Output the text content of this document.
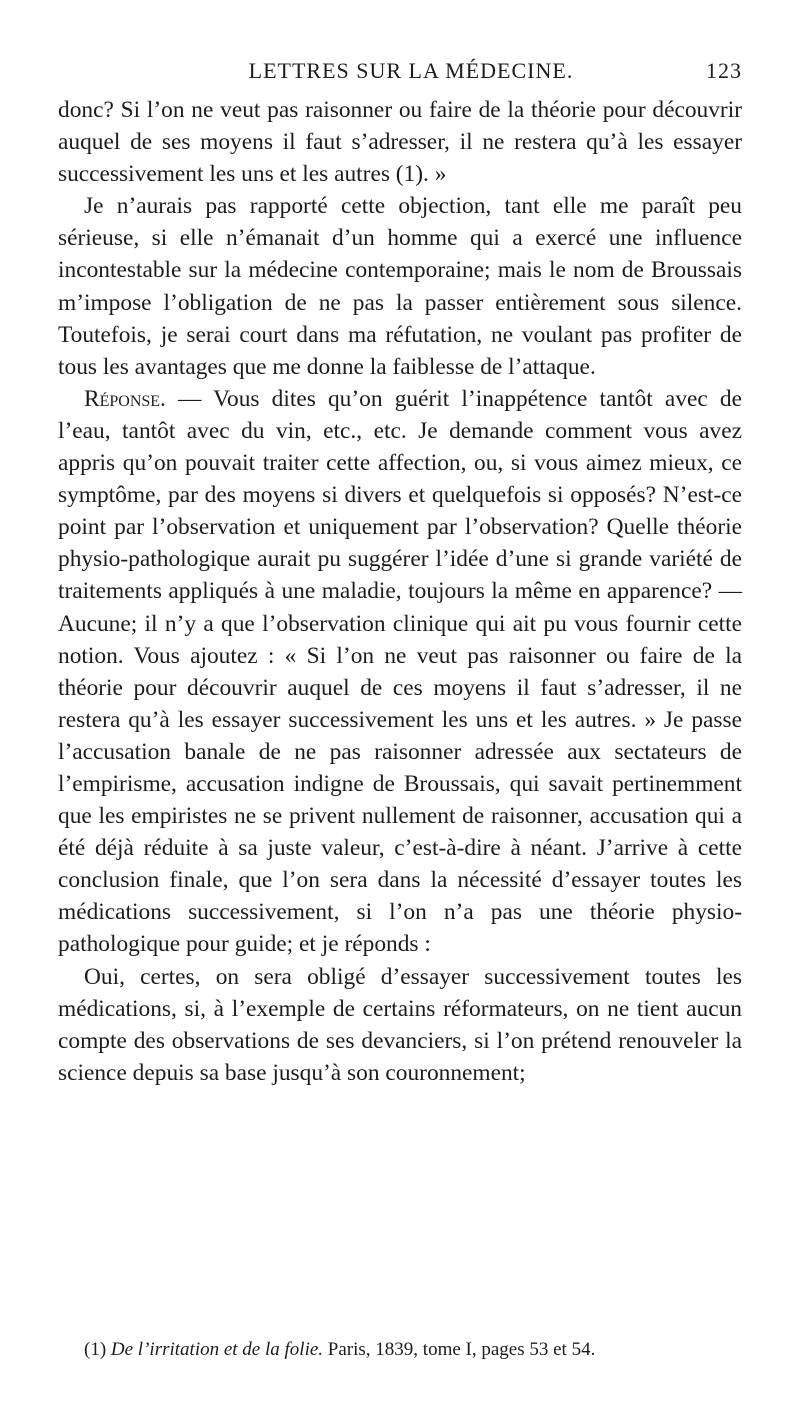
LETTRES SUR LA MÉDECINE.	123

donc? Si l’on ne veut pas raisonner ou faire de la théorie pour découvrir auquel de ses moyens il faut s’adresser, il ne restera qu’à les essayer successivement les uns et les autres (1). »

Je n’aurais pas rapporté cette objection, tant elle me paraît peu sérieuse, si elle n’émanait d’un homme qui a exercé une influence incontestable sur la médecine contemporaine; mais le nom de Broussais m’impose l’obligation de ne pas la passer entièrement sous silence. Toutefois, je serai court dans ma réfutation, ne voulant pas profiter de tous les avantages que me donne la faiblesse de l’attaque.

Réponse. — Vous dites qu’on guérit l’inappétence tantôt avec de l’eau, tantôt avec du vin, etc., etc. Je demande comment vous avez appris qu’on pouvait traiter cette affection, ou, si vous aimez mieux, ce symptôme, par des moyens si divers et quelquefois si opposés? N’est-ce point par l’observation et uniquement par l’observation? Quelle théorie physio-pathologique aurait pu suggérer l’idée d’une si grande variété de traitements appliqués à une maladie, toujours la même en apparence? — Aucune; il n’y a que l’observation clinique qui ait pu vous fournir cette notion. Vous ajoutez : « Si l’on ne veut pas raisonner ou faire de la théorie pour découvrir auquel de ces moyens il faut s’adresser, il ne restera qu’à les essayer successivement les uns et les autres. » Je passe l’accusation banale de ne pas raisonner adressée aux sectateurs de l’empirisme, accusation indigne de Broussais, qui savait pertinemment que les empiristes ne se privent nullement de raisonner, accusation qui a été déjà réduite à sa juste valeur, c’est-à-dire à néant. J’arrive à cette conclusion finale, que l’on sera dans la nécessité d’essayer toutes les médications successivement, si l’on n’a pas une théorie physio-pathologique pour guide; et je réponds :

Oui, certes, on sera obligé d’essayer successivement toutes les médications, si, à l’exemple de certains réformateurs, on ne tient aucun compte des observations de ses devanciers, si l’on prétend renouveler la science depuis sa base jusqu’à son couronnement;

(1) De l’irritation et de la folie. Paris, 1839, tome I, pages 53 et 54.
